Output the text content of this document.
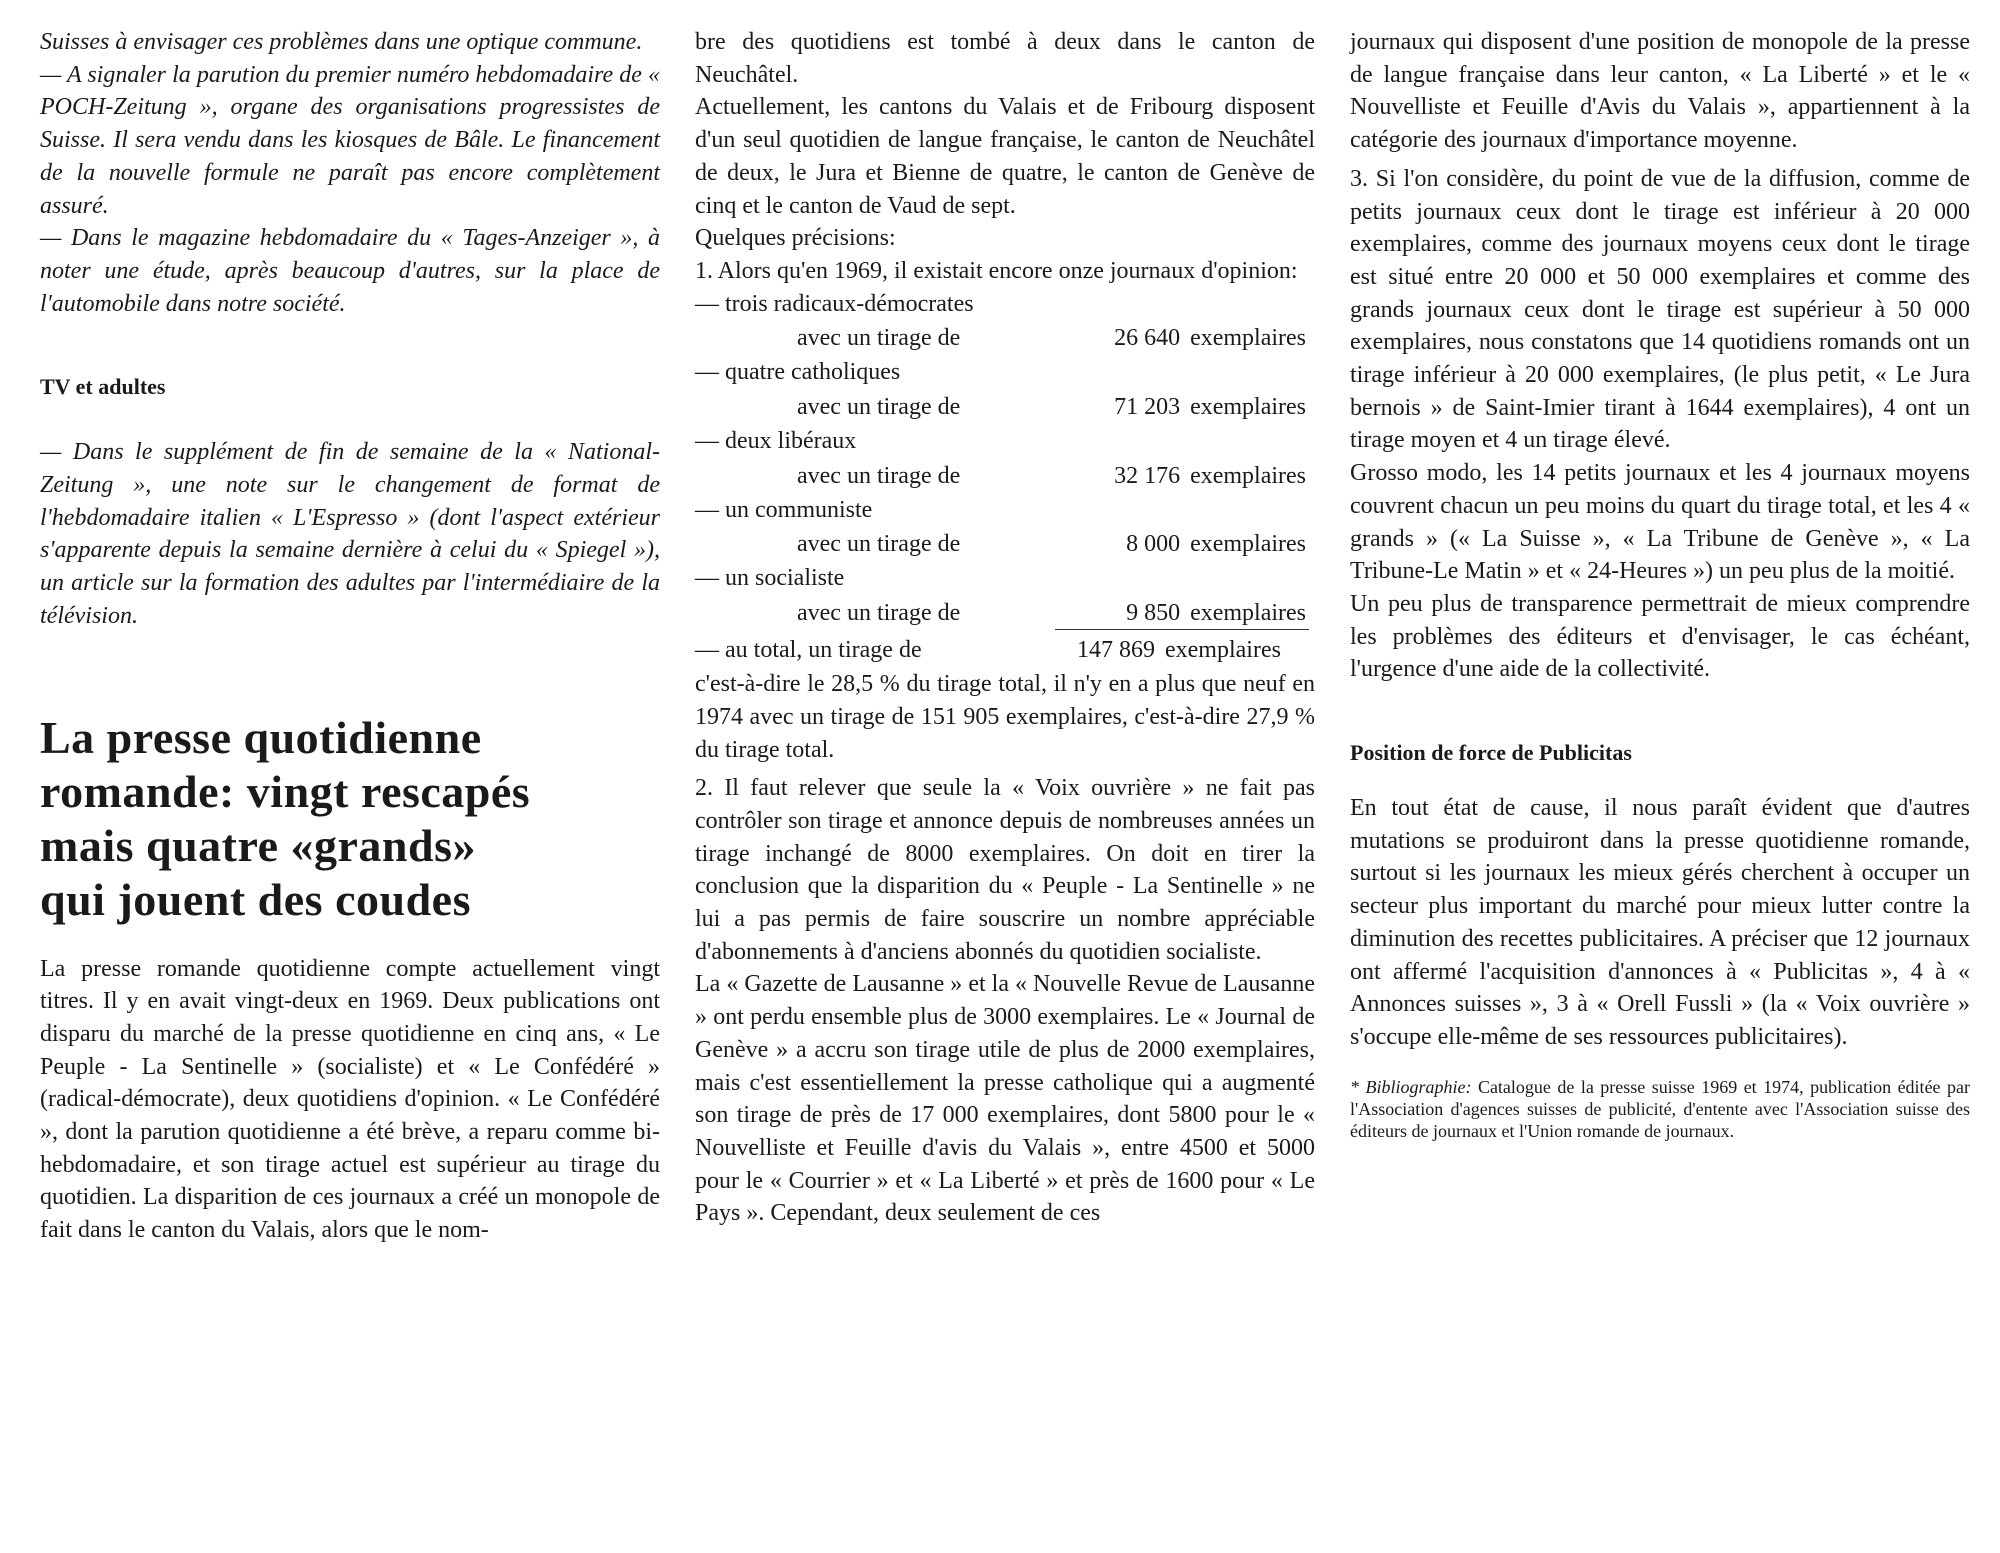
Suisses à envisager ces problèmes dans une optique commune.

— A signaler la parution du premier numéro hebdomadaire de « POCH-Zeitung », organe des organisations progressistes de Suisse. Il sera vendu dans les kiosques de Bâle. Le financement de la nouvelle formule ne paraît pas encore complètement assuré.

— Dans le magazine hebdomadaire du « Tages-Anzeiger », à noter une étude, après beaucoup d'autres, sur la place de l'automobile dans notre société.

TV et adultes

— Dans le supplément de fin de semaine de la « National-Zeitung », une note sur le changement de format de l'hebdomadaire italien « L'Espresso » (dont l'aspect extérieur s'apparente depuis la semaine dernière à celui du « Spiegel »), un article sur la formation des adultes par l'intermédiaire de la télévision.

La presse quotidienne
romande: vingt rescapés
mais quatre «grands»
qui jouent des coudes

La presse romande quotidienne compte actuellement vingt titres. Il y en avait vingt-deux en 1969. Deux publications ont disparu du marché de la presse quotidienne en cinq ans, « Le Peuple - La Sentinelle » (socialiste) et « Le Confédéré » (radical-démocrate), deux quotidiens d'opinion. « Le Confédéré », dont la parution quotidienne a été brève, a reparu comme bi-hebdomadaire, et son tirage actuel est supérieur au tirage du quotidien. La disparition de ces journaux a créé un monopole de fait dans le canton du Valais, alors que le nom-

bre des quotidiens est tombé à deux dans le canton de Neuchâtel.

Actuellement, les cantons du Valais et de Fribourg disposent d'un seul quotidien de langue française, le canton de Neuchâtel de deux, le Jura et Bienne de quatre, le canton de Genève de cinq et le canton de Vaud de sept.

Quelques précisions:

1. Alors qu'en 1969, il existait encore onze journaux d'opinion:

— trois radicaux-démocrates
avec un tirage de	26 640 exemplaires
— quatre catholiques
avec un tirage de	71 203 exemplaires
— deux libéraux
avec un tirage de	32 176 exemplaires
— un communiste
avec un tirage de	8 000 exemplaires
— un socialiste
avec un tirage de	9 850 exemplaires
— au total, un tirage de	147 869 exemplaires

c'est-à-dire le 28,5 % du tirage total, il n'y en a plus que neuf en 1974 avec un tirage de 151 905 exemplaires, c'est-à-dire 27,9 % du tirage total.

2. Il faut relever que seule la « Voix ouvrière » ne fait pas contrôler son tirage et annonce depuis de nombreuses années un tirage inchangé de 8000 exemplaires. On doit en tirer la conclusion que la disparition du « Peuple - La Sentinelle » ne lui a pas permis de faire souscrire un nombre appréciable d'abonnements à d'anciens abonnés du quotidien socialiste.

La « Gazette de Lausanne » et la « Nouvelle Revue de Lausanne » ont perdu ensemble plus de 3000 exemplaires. Le « Journal de Genève » a accru son tirage utile de plus de 2000 exemplaires, mais c'est essentiellement la presse catholique qui a augmenté son tirage de près de 17 000 exemplaires, dont 5800 pour le « Nouvelliste et Feuille d'avis du Valais », entre 4500 et 5000 pour le « Courrier » et « La Liberté » et près de 1600 pour « Le Pays ». Cependant, deux seulement de ces

journaux qui disposent d'une position de monopole de la presse de langue française dans leur canton, « La Liberté » et le « Nouvelliste et Feuille d'Avis du Valais », appartiennent à la catégorie des journaux d'importance moyenne.

3. Si l'on considère, du point de vue de la diffusion, comme de petits journaux ceux dont le tirage est inférieur à 20 000 exemplaires, comme des journaux moyens ceux dont le tirage est situé entre 20 000 et 50 000 exemplaires et comme des grands journaux ceux dont le tirage est supérieur à 50 000 exemplaires, nous constatons que 14 quotidiens romands ont un tirage inférieur à 20 000 exemplaires, (le plus petit, « Le Jura bernois » de Saint-Imier tirant à 1644 exemplaires), 4 ont un tirage moyen et 4 un tirage élevé.

Grosso modo, les 14 petits journaux et les 4 journaux moyens couvrent chacun un peu moins du quart du tirage total, et les 4 « grands » (« La Suisse », « La Tribune de Genève », « La Tribune-Le Matin » et « 24-Heures ») un peu plus de la moitié.

Un peu plus de transparence permettrait de mieux comprendre les problèmes des éditeurs et d'envisager, le cas échéant, l'urgence d'une aide de la collectivité.

Position de force de Publicitas

En tout état de cause, il nous paraît évident que d'autres mutations se produiront dans la presse quotidienne romande, surtout si les journaux les mieux gérés cherchent à occuper un secteur plus important du marché pour mieux lutter contre la diminution des recettes publicitaires. A préciser que 12 journaux ont affermé l'acquisition d'annonces à « Publicitas », 4 à « Annonces suisses », 3 à « Orell Fussli » (la « Voix ouvrière » s'occupe elle-même de ses ressources publicitaires).

* Bibliographie: Catalogue de la presse suisse 1969 et 1974, publication éditée par l'Association d'agences suisses de publicité, d'entente avec l'Association suisse des éditeurs de journaux et l'Union romande de journaux.
